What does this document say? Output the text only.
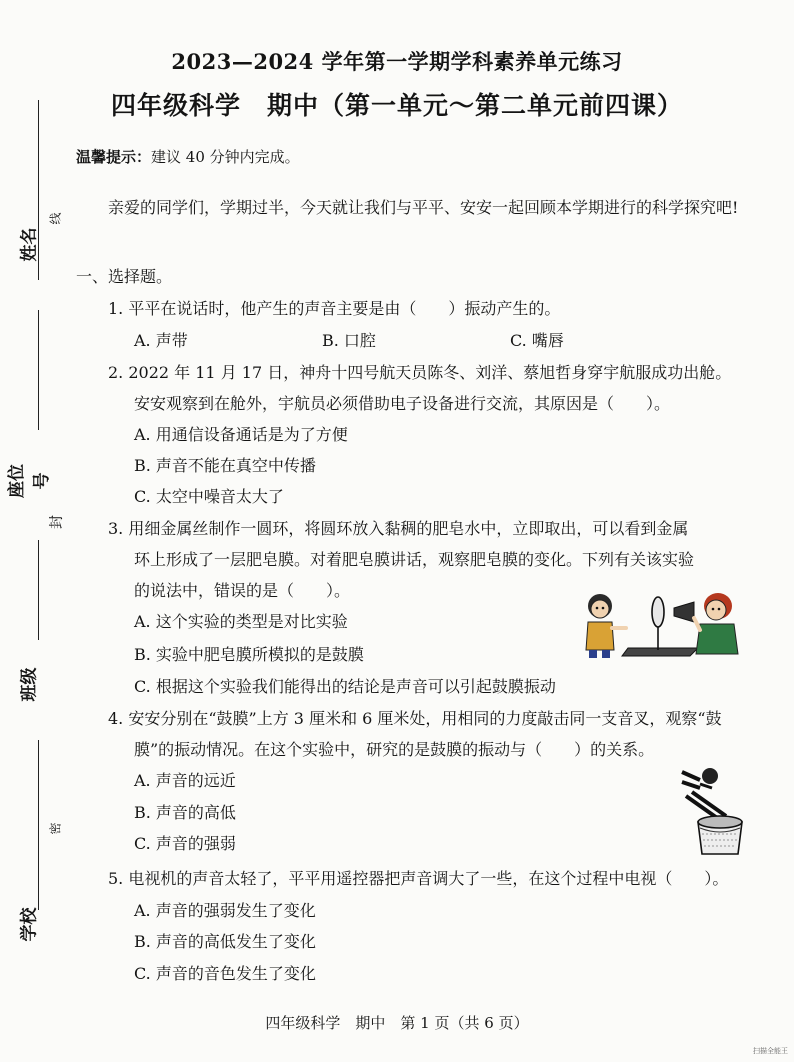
姓名
座位号
班级
学校
线
封
密
2023—2024 学年第一学期学科素养单元练习
四年级科学　期中（第一单元～第二单元前四课）
温馨提示：建议 40 分钟内完成。
亲爱的同学们，学期过半，今天就让我们与平平、安安一起回顾本学期进行的科学探究吧!
一、选择题。
1. 平平在说话时，他产生的声音主要是由（　　）振动产生的。
A. 声带	B. 口腔	C. 嘴唇
2. 2022 年 11 月 17 日，神舟十四号航天员陈冬、刘洋、蔡旭哲身穿宇航服成功出舱。
安安观察到在舱外，宇航员必须借助电子设备进行交流，其原因是（　　）。
A. 用通信设备通话是为了方便
B. 声音不能在真空中传播
C. 太空中噪音太大了
3. 用细金属丝制作一圆环，将圆环放入黏稠的肥皂水中，立即取出，可以看到金属
环上形成了一层肥皂膜。对着肥皂膜讲话，观察肥皂膜的变化。下列有关该实验
的说法中，错误的是（　　）。
A. 这个实验的类型是对比实验
B. 实验中肥皂膜所模拟的是鼓膜
C. 根据这个实验我们能得出的结论是声音可以引起鼓膜振动
4. 安安分别在“鼓膜”上方 3 厘米和 6 厘米处，用相同的力度敲击同一支音叉，观察“鼓
膜”的振动情况。在这个实验中，研究的是鼓膜的振动与（　　）的关系。
A. 声音的远近
B. 声音的高低
C. 声音的强弱
5. 电视机的声音太轻了，平平用遥控器把声音调大了一些，在这个过程中电视（　　）。
A. 声音的强弱发生了变化
B. 声音的高低发生了变化
C. 声音的音色发生了变化
四年级科学　期中　第 1 页（共 6 页）
扫描全能王
